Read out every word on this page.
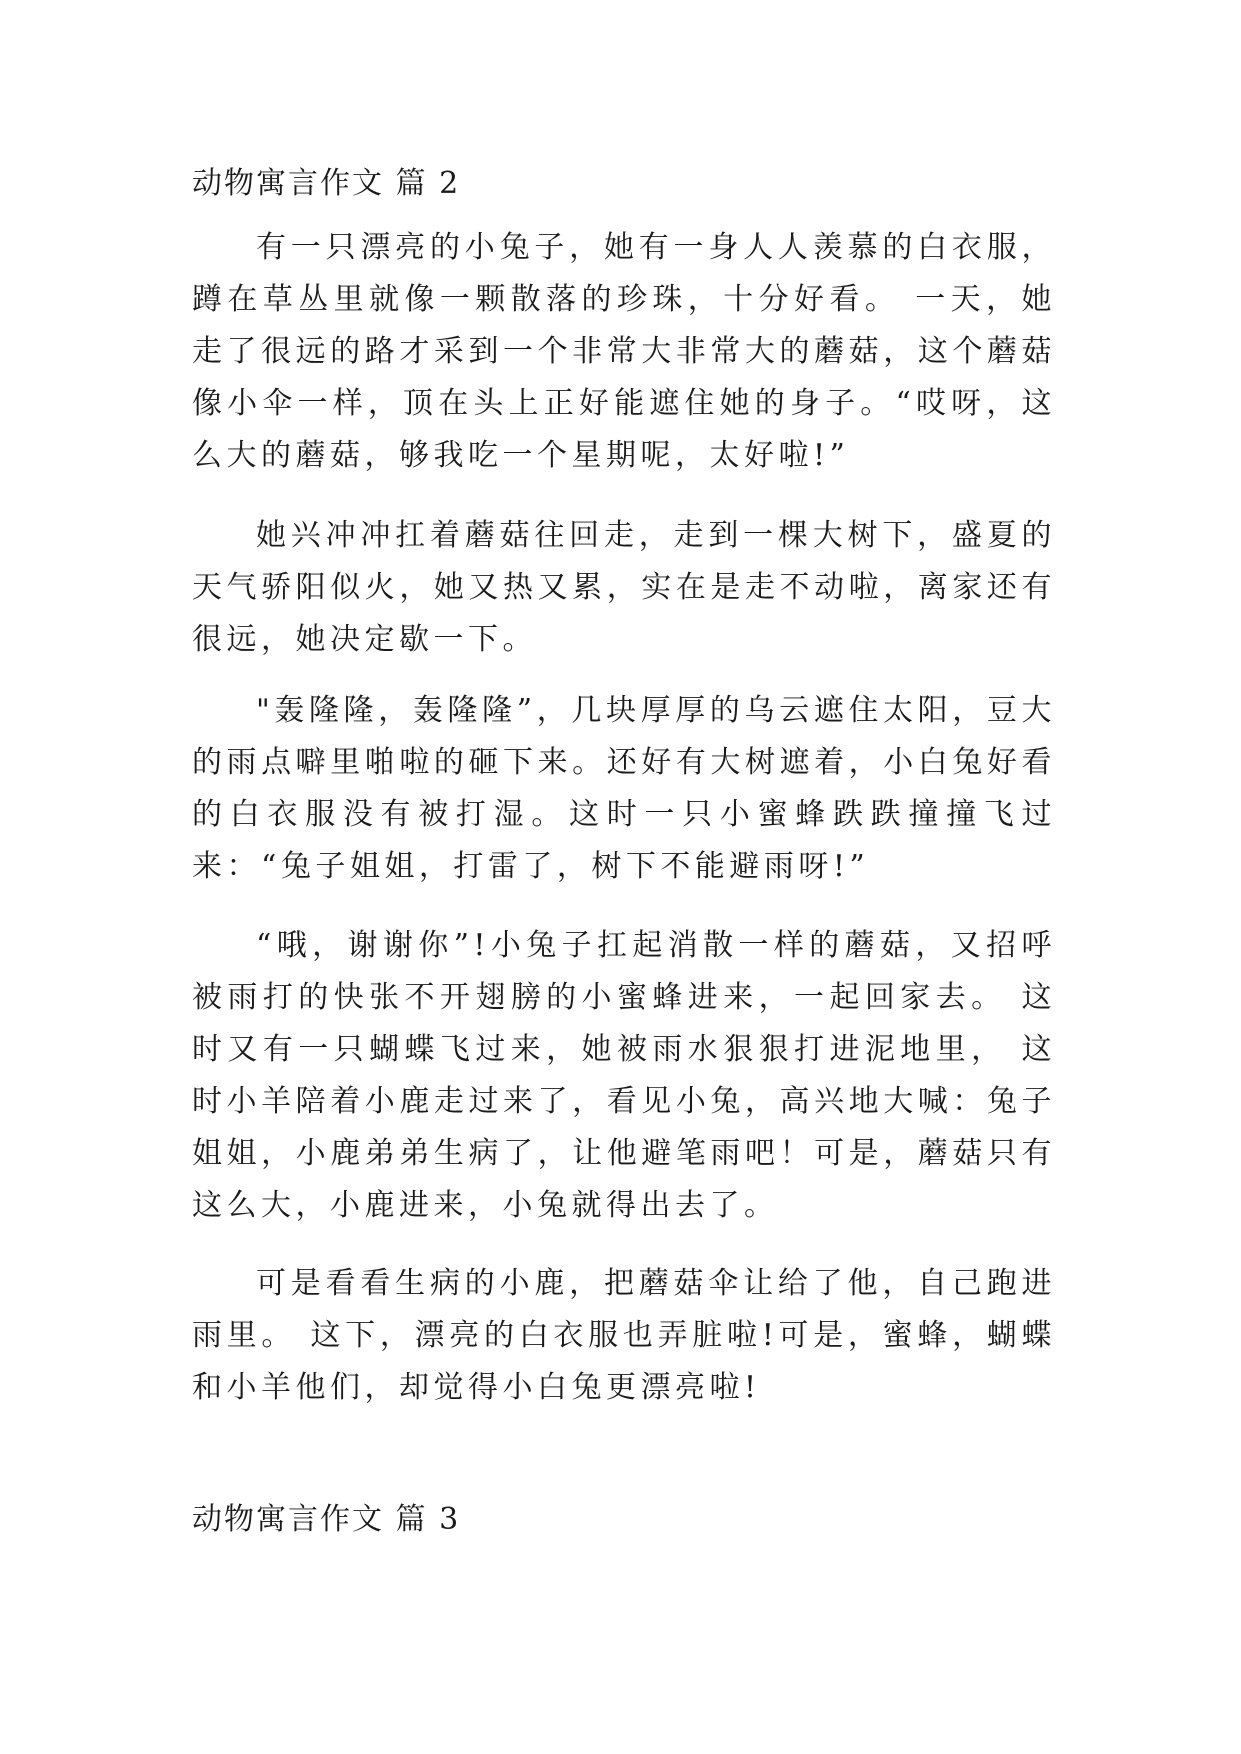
动物寓言作文 篇 2

有一只漂亮的小兔子，她有一身人人羡慕的白衣服，蹲在草丛里就像一颗散落的珍珠，十分好看。 一天，她走了很远的路才采到一个非常大非常大的蘑菇，这个蘑菇像小伞一样，顶在头上正好能遮住她的身子。“哎呀，这么大的蘑菇，够我吃一个星期呢，太好啦!”

她兴冲冲扛着蘑菇往回走，走到一棵大树下，盛夏的天气骄阳似火，她又热又累，实在是走不动啦，离家还有很远，她决定歇一下。

"轰隆隆，轰隆隆”，几块厚厚的乌云遮住太阳，豆大的雨点噼里啪啦的砸下来。还好有大树遮着，小白兔好看的白衣服没有被打湿。这时一只小蜜蜂跌跌撞撞飞过来：“兔子姐姐，打雷了，树下不能避雨呀!”

“哦，谢谢你”!小兔子扛起消散一样的蘑菇，又招呼被雨打的快张不开翅膀的小蜜蜂进来，一起回家去。 这时又有一只蝴蝶飞过来，她被雨水狠狠打进泥地里， 这时小羊陪着小鹿走过来了，看见小兔，高兴地大喊：兔子姐姐，小鹿弟弟生病了，让他避笔雨吧！可是，蘑菇只有这么大，小鹿进来，小兔就得出去了。

可是看看生病的小鹿，把蘑菇伞让给了他，自己跑进雨里。 这下，漂亮的白衣服也弄脏啦!可是，蜜蜂，蝴蝶和小羊他们，却觉得小白兔更漂亮啦!

动物寓言作文 篇 3
